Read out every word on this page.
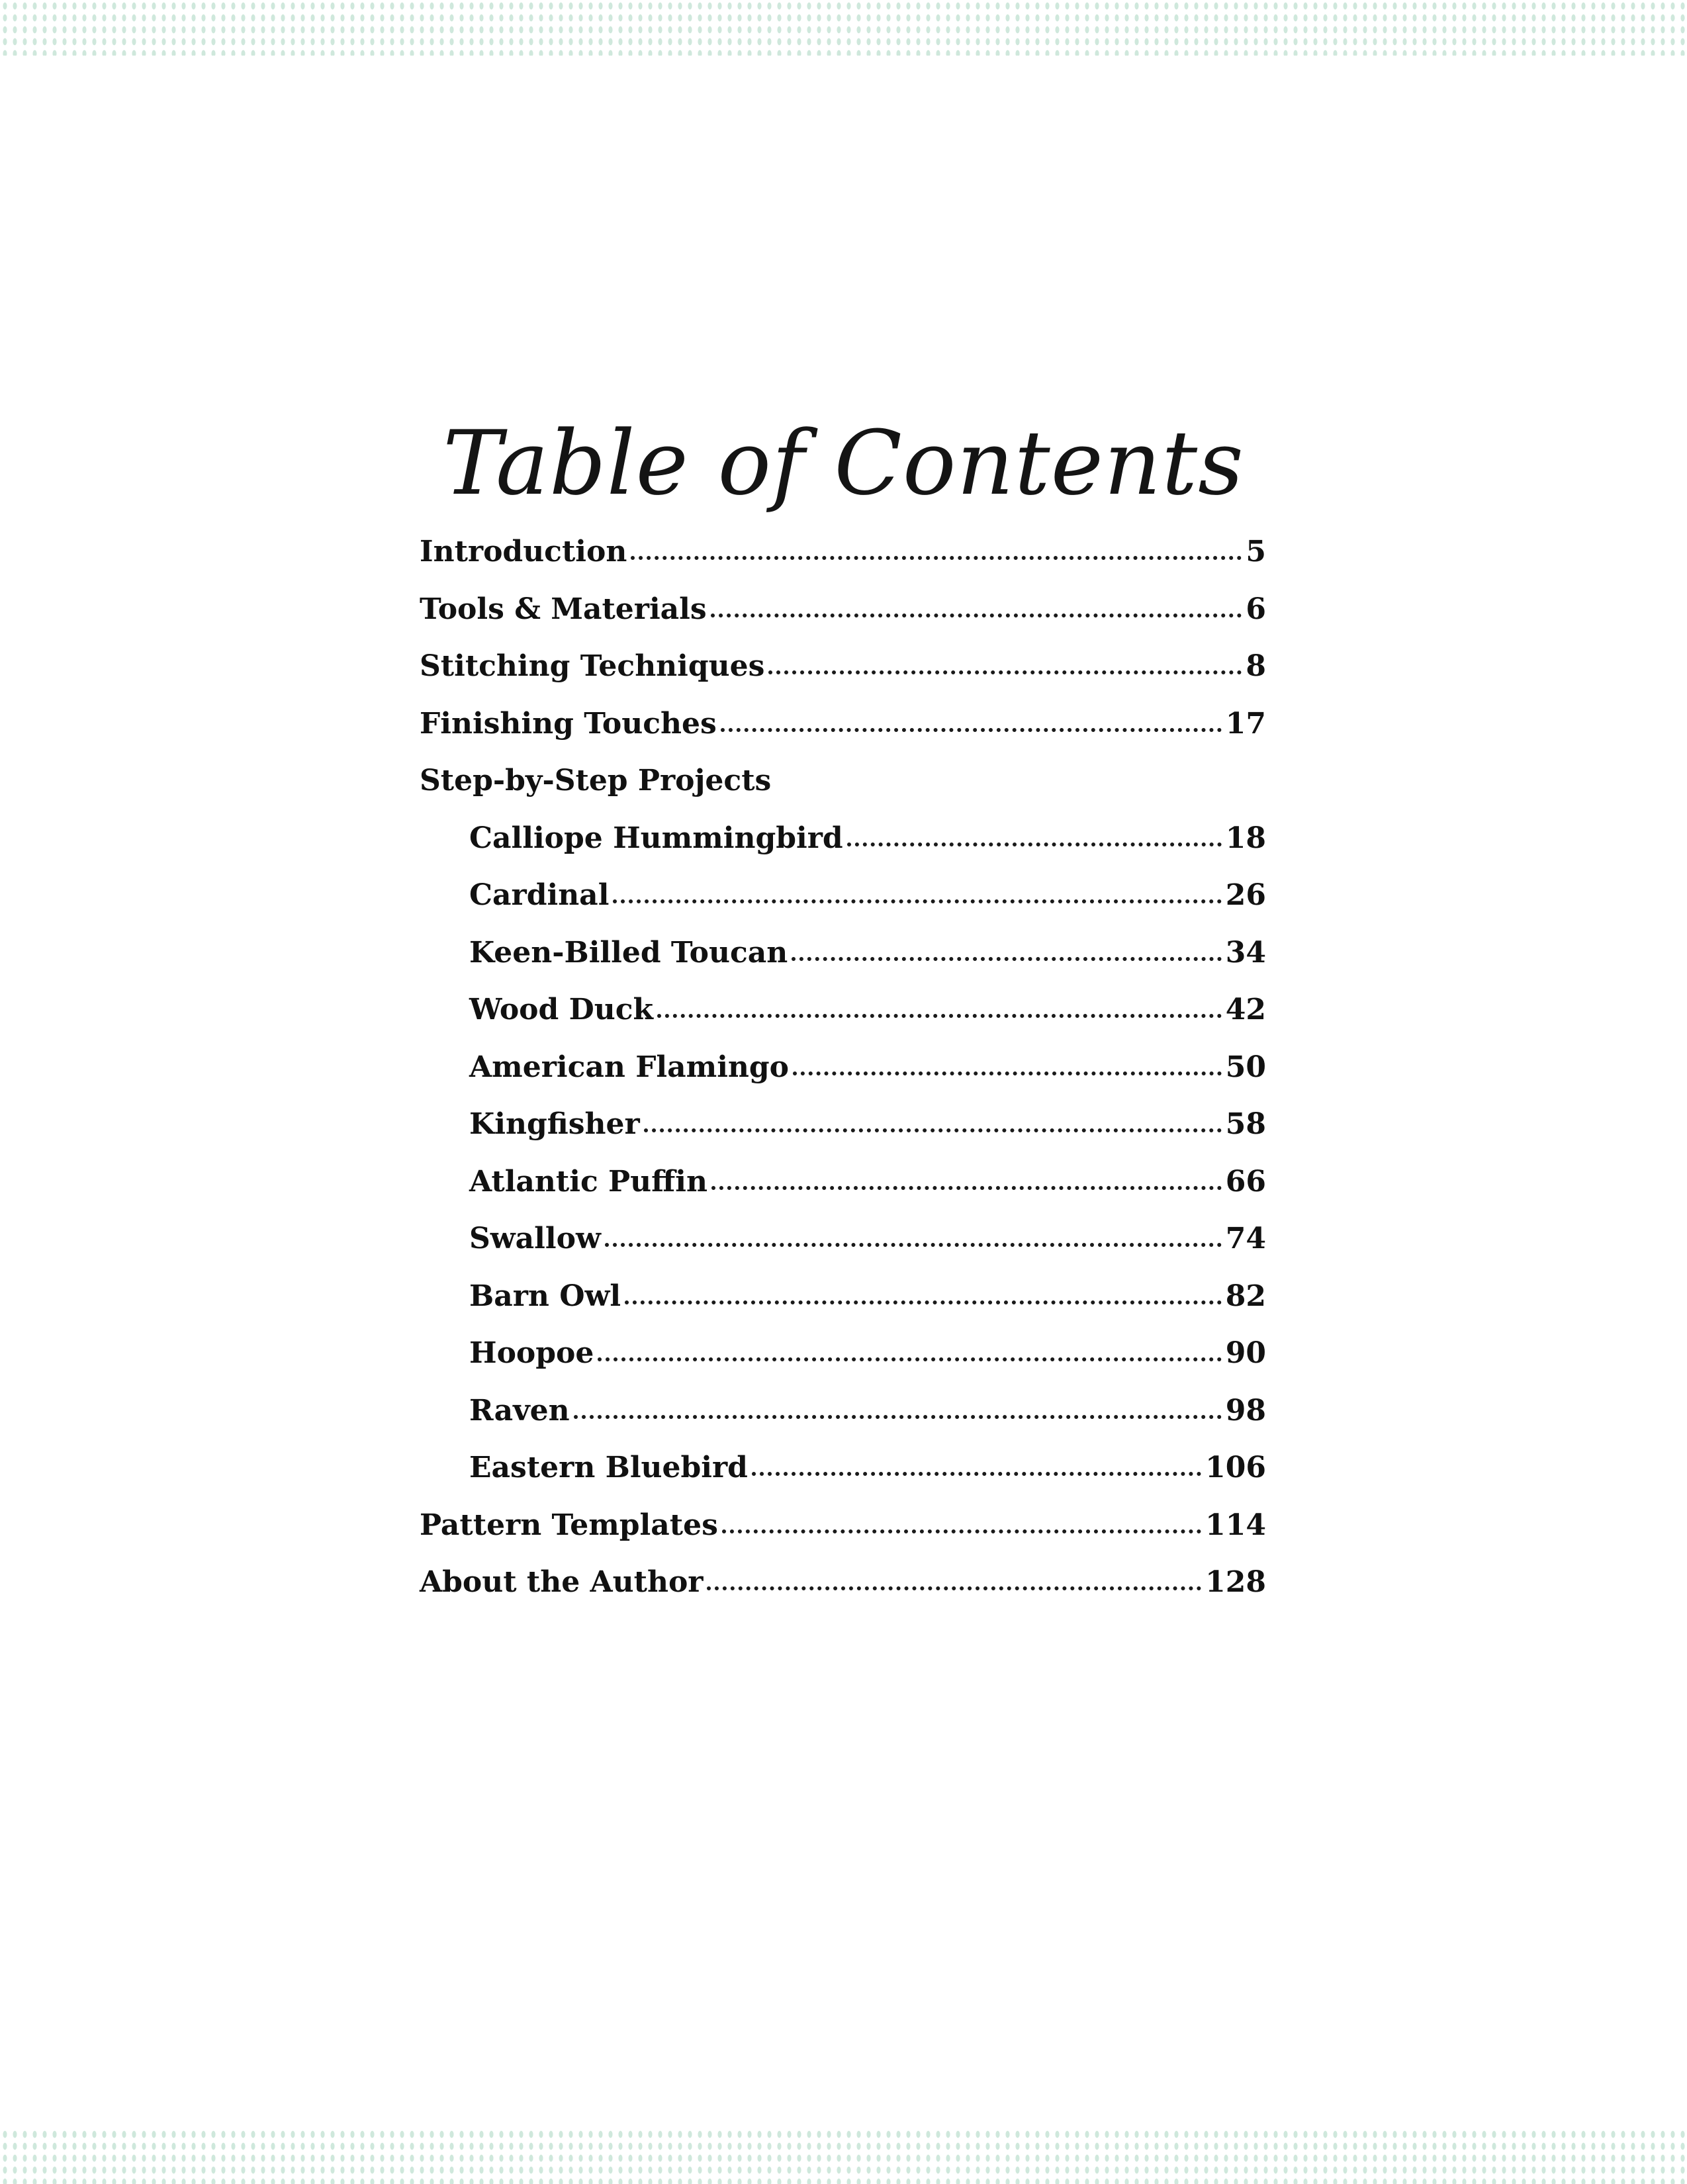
Table of Contents
Introduction	5
Tools & Materials	6
Stitching Techniques	8
Finishing Touches	17
Step-by-Step Projects
Calliope Hummingbird	18
Cardinal	26
Keen-Billed Toucan	34
Wood Duck	42
American Flamingo	50
Kingfisher	58
Atlantic Puffin	66
Swallow	74
Barn Owl	82
Hoopoe	90
Raven	98
Eastern Bluebird	106
Pattern Templates	114
About the Author	128
